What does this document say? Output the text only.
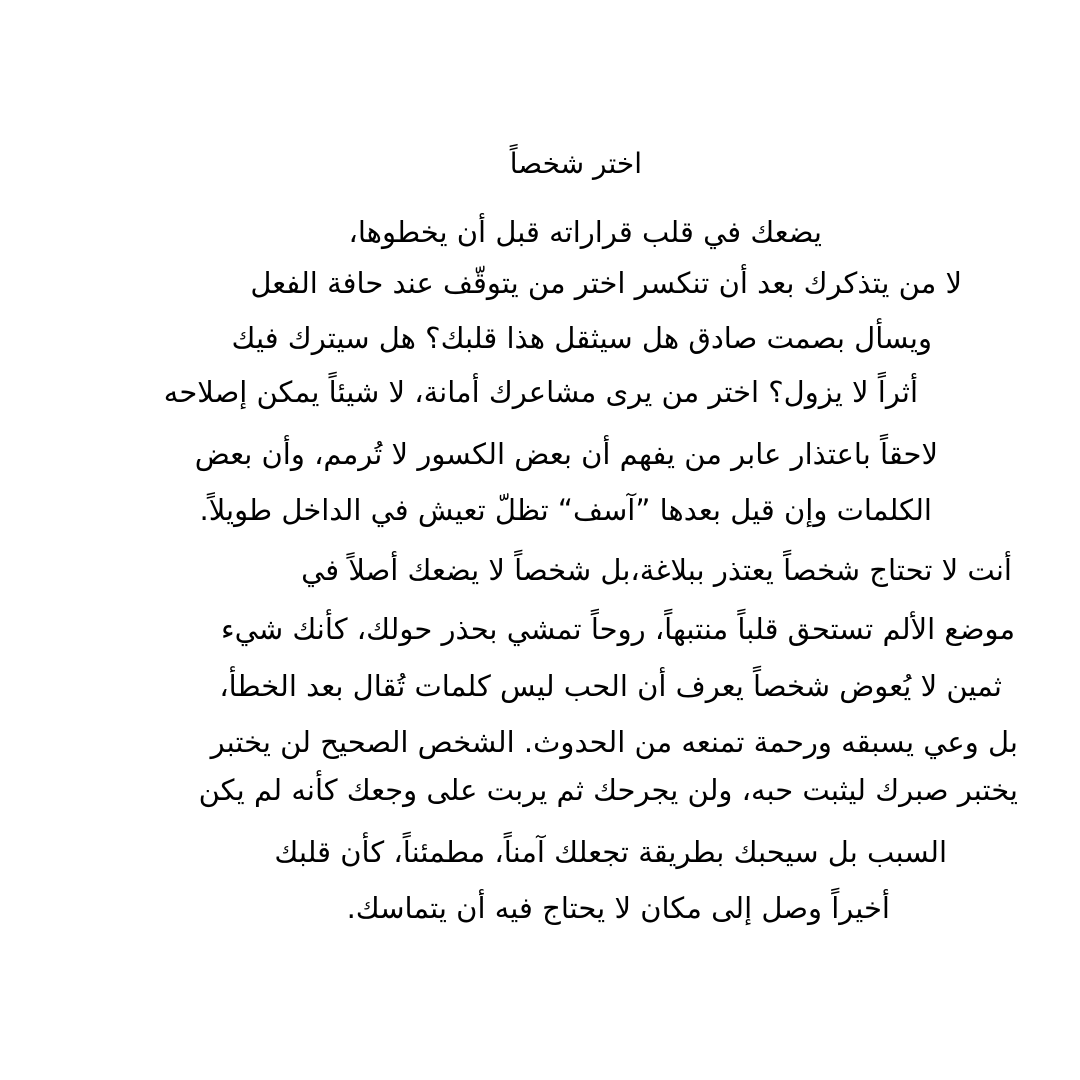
اختر شخصاً
يضعك في قلب قراراته قبل أن يخطوها،
لا من يتذكرك بعد أن تنكسر اختر من يتوقّف عند حافة الفعل
ويسأل بصمت صادق هل سيثقل هذا قلبك؟ هل سيترك فيك
أثراً لا يزول؟ اختر من يرى مشاعرك أمانة، لا شيئاً يمكن إصلاحه
لاحقاً باعتذار عابر من يفهم أن بعض الكسور لا تُرمم، وأن بعض
الكلمات وإن قيل بعدها ”آسف“ تظلّ تعيش في الداخل طويلاً.
أنت لا تحتاج شخصاً يعتذر ببلاغة،بل شخصاً لا يضعك أصلاً في
موضع الألم تستحق قلباً منتبهاً، روحاً تمشي بحذر حولك، كأنك شيء
ثمين لا يُعوض شخصاً يعرف أن الحب ليس كلمات تُقال بعد الخطأ،
بل وعي يسبقه ورحمة تمنعه من الحدوث. الشخص الصحيح لن يختبر
يختبر صبرك ليثبت حبه، ولن يجرحك ثم يربت على وجعك كأنه لم يكن
السبب بل سيحبك بطريقة تجعلك آمناً، مطمئناً، كأن قلبك
أخيراً وصل إلى مكان لا يحتاج فيه أن يتماسك.
